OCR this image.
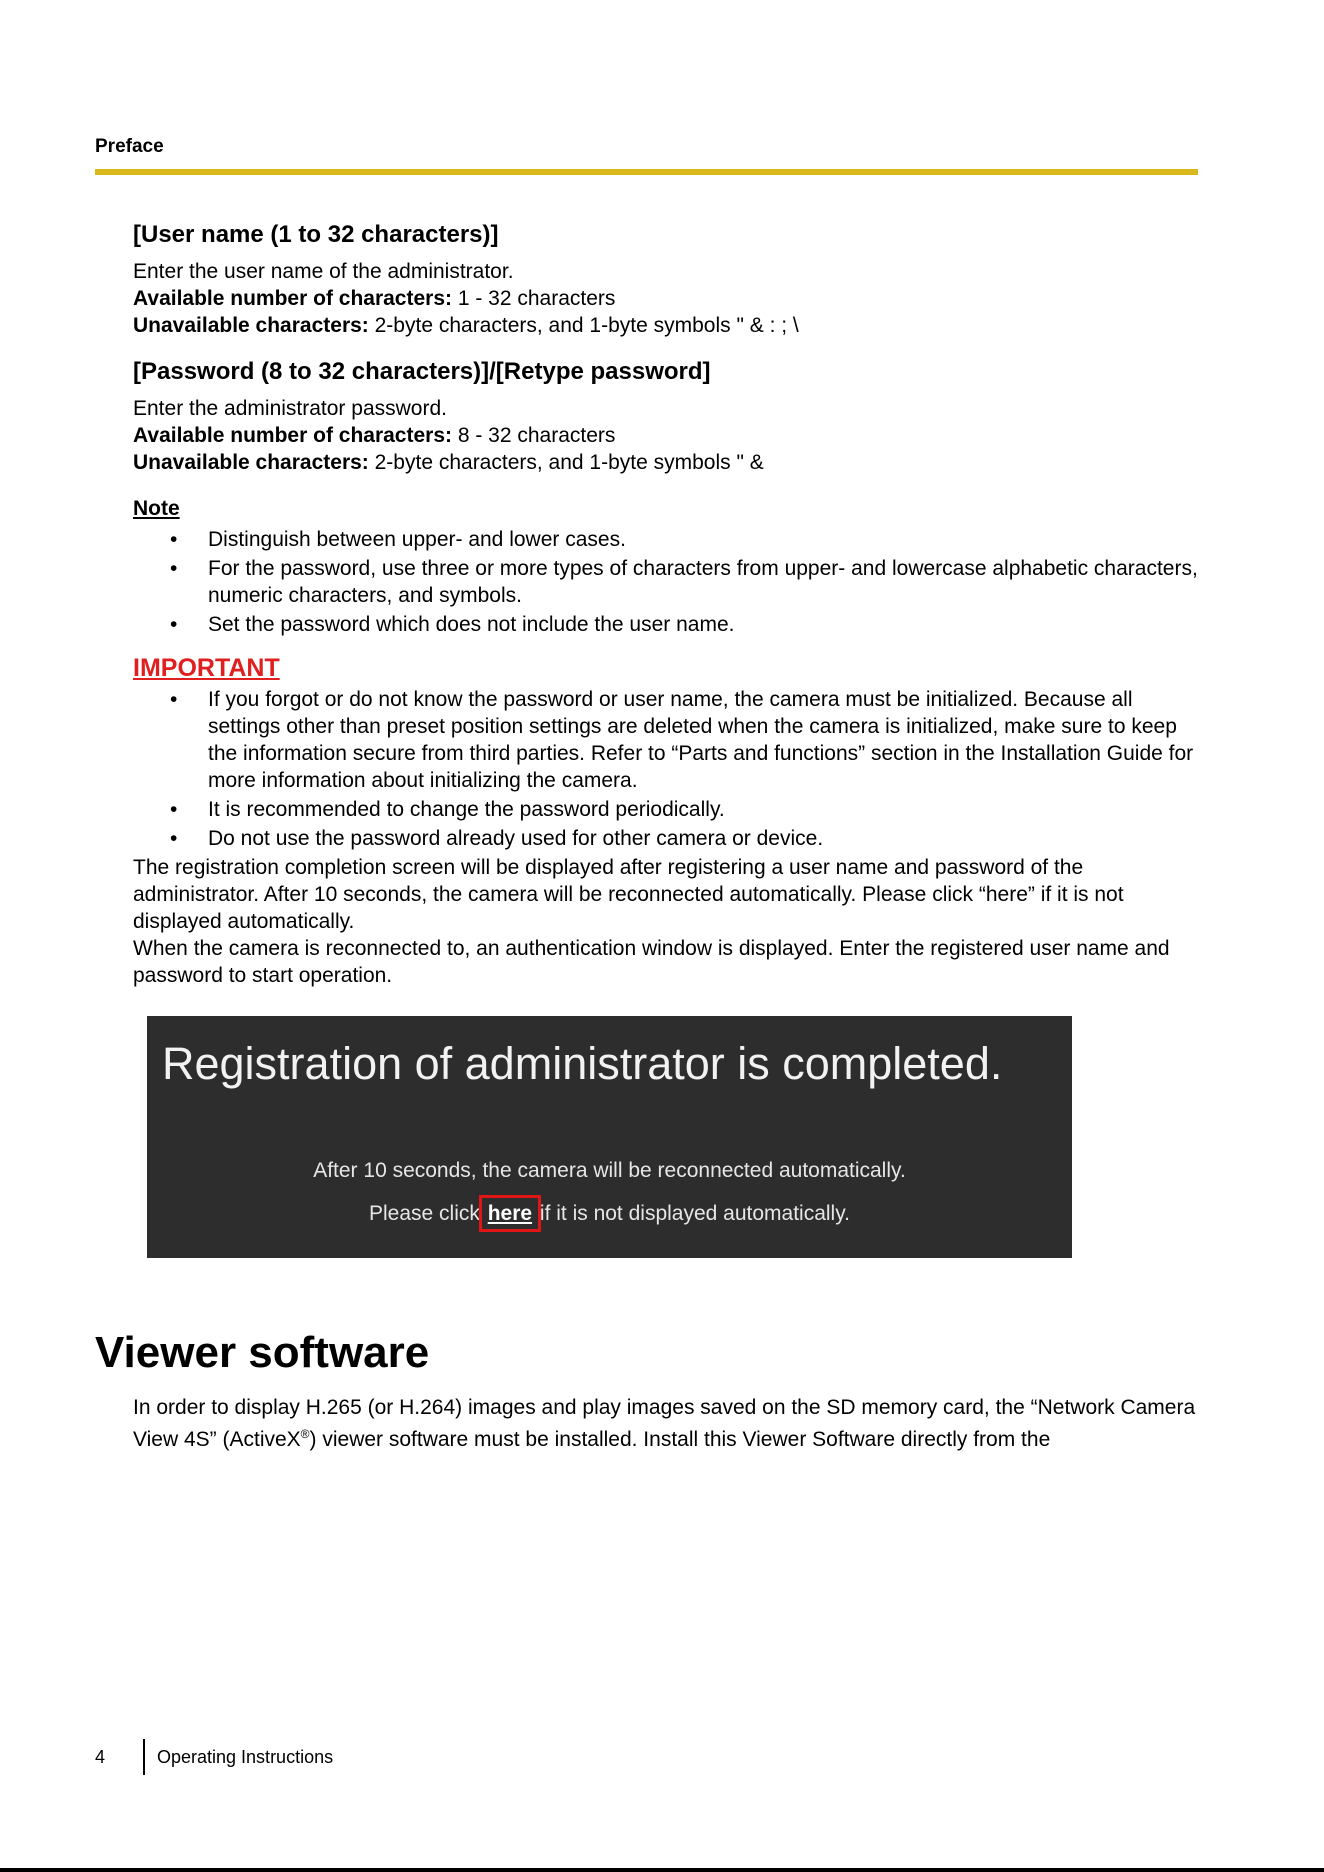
Preface
[User name (1 to 32 characters)]

Enter the user name of the administrator.

Available number of characters: 1 - 32 characters

Unavailable characters: 2-byte characters, and 1-byte symbols " & : ; \

[Password (8 to 32 characters)]/[Retype password]

Enter the administrator password.

Available number of characters: 8 - 32 characters

Unavailable characters: 2-byte characters, and 1-byte symbols " &

Note
• Distinguish between upper- and lower cases.
• For the password, use three or more types of characters from upper- and lowercase alphabetic characters, numeric characters, and symbols.
• Set the password which does not include the user name.
IMPORTANT
• If you forgot or do not know the password or user name, the camera must be initialized. Because all settings other than preset position settings are deleted when the camera is initialized, make sure to keep the information secure from third parties. Refer to “Parts and functions” section in the Installation Guide for more information about initializing the camera.
• It is recommended to change the password periodically.
• Do not use the password already used for other camera or device.

The registration completion screen will be displayed after registering a user name and password of the administrator. After 10 seconds, the camera will be reconnected automatically. Please click “here” if it is not displayed automatically.

When the camera is reconnected to, an authentication window is displayed. Enter the registered user name and password to start operation.

Registration of administrator is completed.
After 10 seconds, the camera will be reconnected automatically.
Please click here if it is not displayed automatically.
Viewer software

In order to display H.265 (or H.264) images and play images saved on the SD memory card, the “Network Camera View 4S” (ActiveX®) viewer software must be installed. Install this Viewer Software directly from the

4	Operating Instructions
